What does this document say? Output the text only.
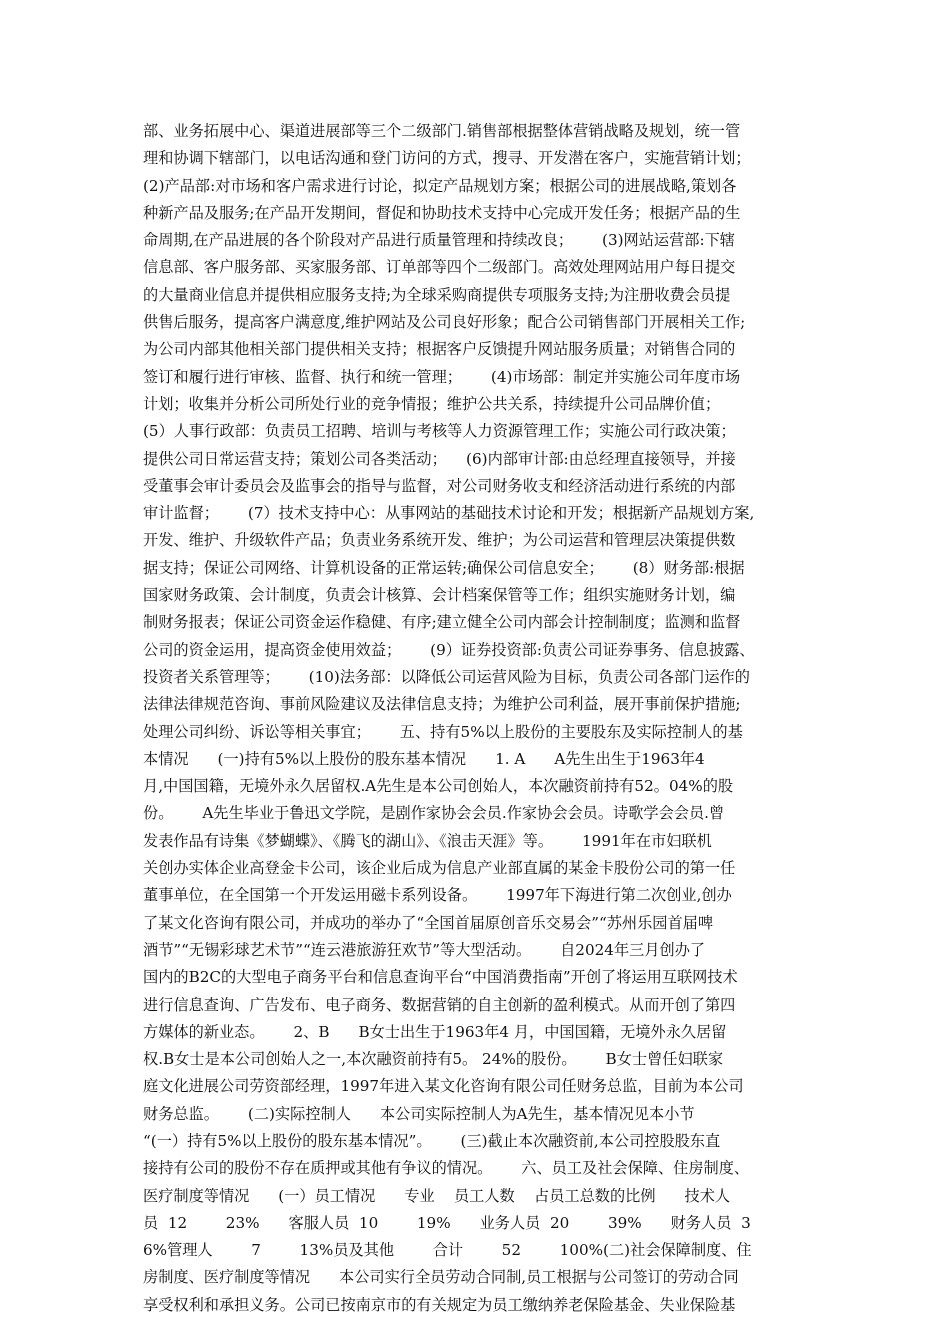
部、业务拓展中心、渠道进展部等三个二级部门.销售部根据整体营销战略及规划，统一管
理和协调下辖部门，以电话沟通和登门访问的方式，搜寻、开发潜在客户，实施营销计划；
(2)产品部:对市场和客户需求进行讨论，拟定产品规划方案；根据公司的进展战略,策划各
种新产品及服务;在产品开发期间，督促和协助技术支持中心完成开发任务；根据产品的生
命周期,在产品进展的各个阶段对产品进行质量管理和持续改良；      (3)网站运营部:下辖
信息部、客户服务部、买家服务部、订单部等四个二级部门。高效处理网站用户每日提交
的大量商业信息并提供相应服务支持;为全球采购商提供专项服务支持;为注册收费会员提
供售后服务，提高客户满意度,维护网站及公司良好形象；配合公司销售部门开展相关工作;
为公司内部其他相关部门提供相关支持；根据客户反馈提升网站服务质量；对销售合同的
签订和履行进行审核、监督、执行和统一管理；      (4)市场部：制定并实施公司年度市场
计划；收集并分析公司所处行业的竞争情报；维护公共关系，持续提升公司品牌价值；
(5）人事行政部：负责员工招聘、培训与考核等人力资源管理工作；实施公司行政决策；
提供公司日常运营支持；策划公司各类活动；    (6)内部审计部:由总经理直接领导，并接
受董事会审计委员会及监事会的指导与监督，对公司财务收支和经济活动进行系统的内部
审计监督；      (7）技术支持中心：从事网站的基础技术讨论和开发；根据新产品规划方案,
开发、维护、升级软件产品；负责业务系统开发、维护；为公司运营和管理层决策提供数
据支持；保证公司网络、计算机设备的正常运转;确保公司信息安全；      (8）财务部:根据
国家财务政策、会计制度，负责会计核算、会计档案保管等工作；组织实施财务计划，编
制财务报表；保证公司资金运作稳健、有序;建立健全公司内部会计控制制度；监测和监督
公司的资金运用，提高资金使用效益；      (9）证券投资部:负责公司证券事务、信息披露、
投资者关系管理等；      (10)法务部：以降低公司运营风险为目标，负责公司各部门运作的
法律法律规范咨询、事前风险建议及法律信息支持；为维护公司利益，展开事前保护措施;
处理公司纠纷、诉讼等相关事宜；      五、持有5%以上股份的主要股东及实际控制人的基
本情况      (一)持有5%以上股份的股东基本情况      1. A      A先生出生于1963年4
月,中国国籍，无境外永久居留权.A先生是本公司创始人，本次融资前持有52。04%的股
份。      A先生毕业于鲁迅文学院，是剧作家协会会员.作家协会会员。诗歌学会会员.曾
发表作品有诗集《梦蝴蝶》、《腾飞的湖山》、《浪击天涯》等。      1991年在市妇联机
关创办实体企业高登金卡公司，该企业后成为信息产业部直属的某金卡股份公司的第一任
董事单位，在全国第一个开发运用磁卡系列设备。      1997年下海进行第二次创业,创办
了某文化咨询有限公司，并成功的举办了“全国首届原创音乐交易会”“苏州乐园首届啤
酒节”“无锡彩球艺术节”“连云港旅游狂欢节”等大型活动。      自2024年三月创办了
国内的B2C的大型电子商务平台和信息查询平台“中国消费指南”开创了将运用互联网技术
进行信息查询、广告发布、电子商务、数据营销的自主创新的盈利模式。从而开创了第四
方媒体的新业态。      2、B      B女士出生于1963年4 月，中国国籍，无境外永久居留
权.B女士是本公司创始人之一,本次融资前持有5。 24%的股份。      B女士曾任妇联家
庭文化进展公司劳资部经理，1997年进入某文化咨询有限公司任财务总监，目前为本公司
财务总监。      (二)实际控制人      本公司实际控制人为A先生，基本情况见本小节
“(一）持有5%以上股份的股东基本情况”。      (三)截止本次融资前,本公司控股股东直
接持有公司的股份不存在质押或其他有争议的情况。      六、员工及社会保障、住房制度、
医疗制度等情况      (一）员工情况      专业    员工人数    占员工总数的比例      技术人
员  12        23%      客服人员  10        19%      业务人员  20        39%      财务人员  3
6%管理人        7        13%员及其他        合计        52        100%(二)社会保障制度、住
房制度、医疗制度等情况      本公司实行全员劳动合同制,员工根据与公司签订的劳动合同
享受权利和承担义务。公司已按南京市的有关规定为员工缴纳养老保险基金、失业保险基
